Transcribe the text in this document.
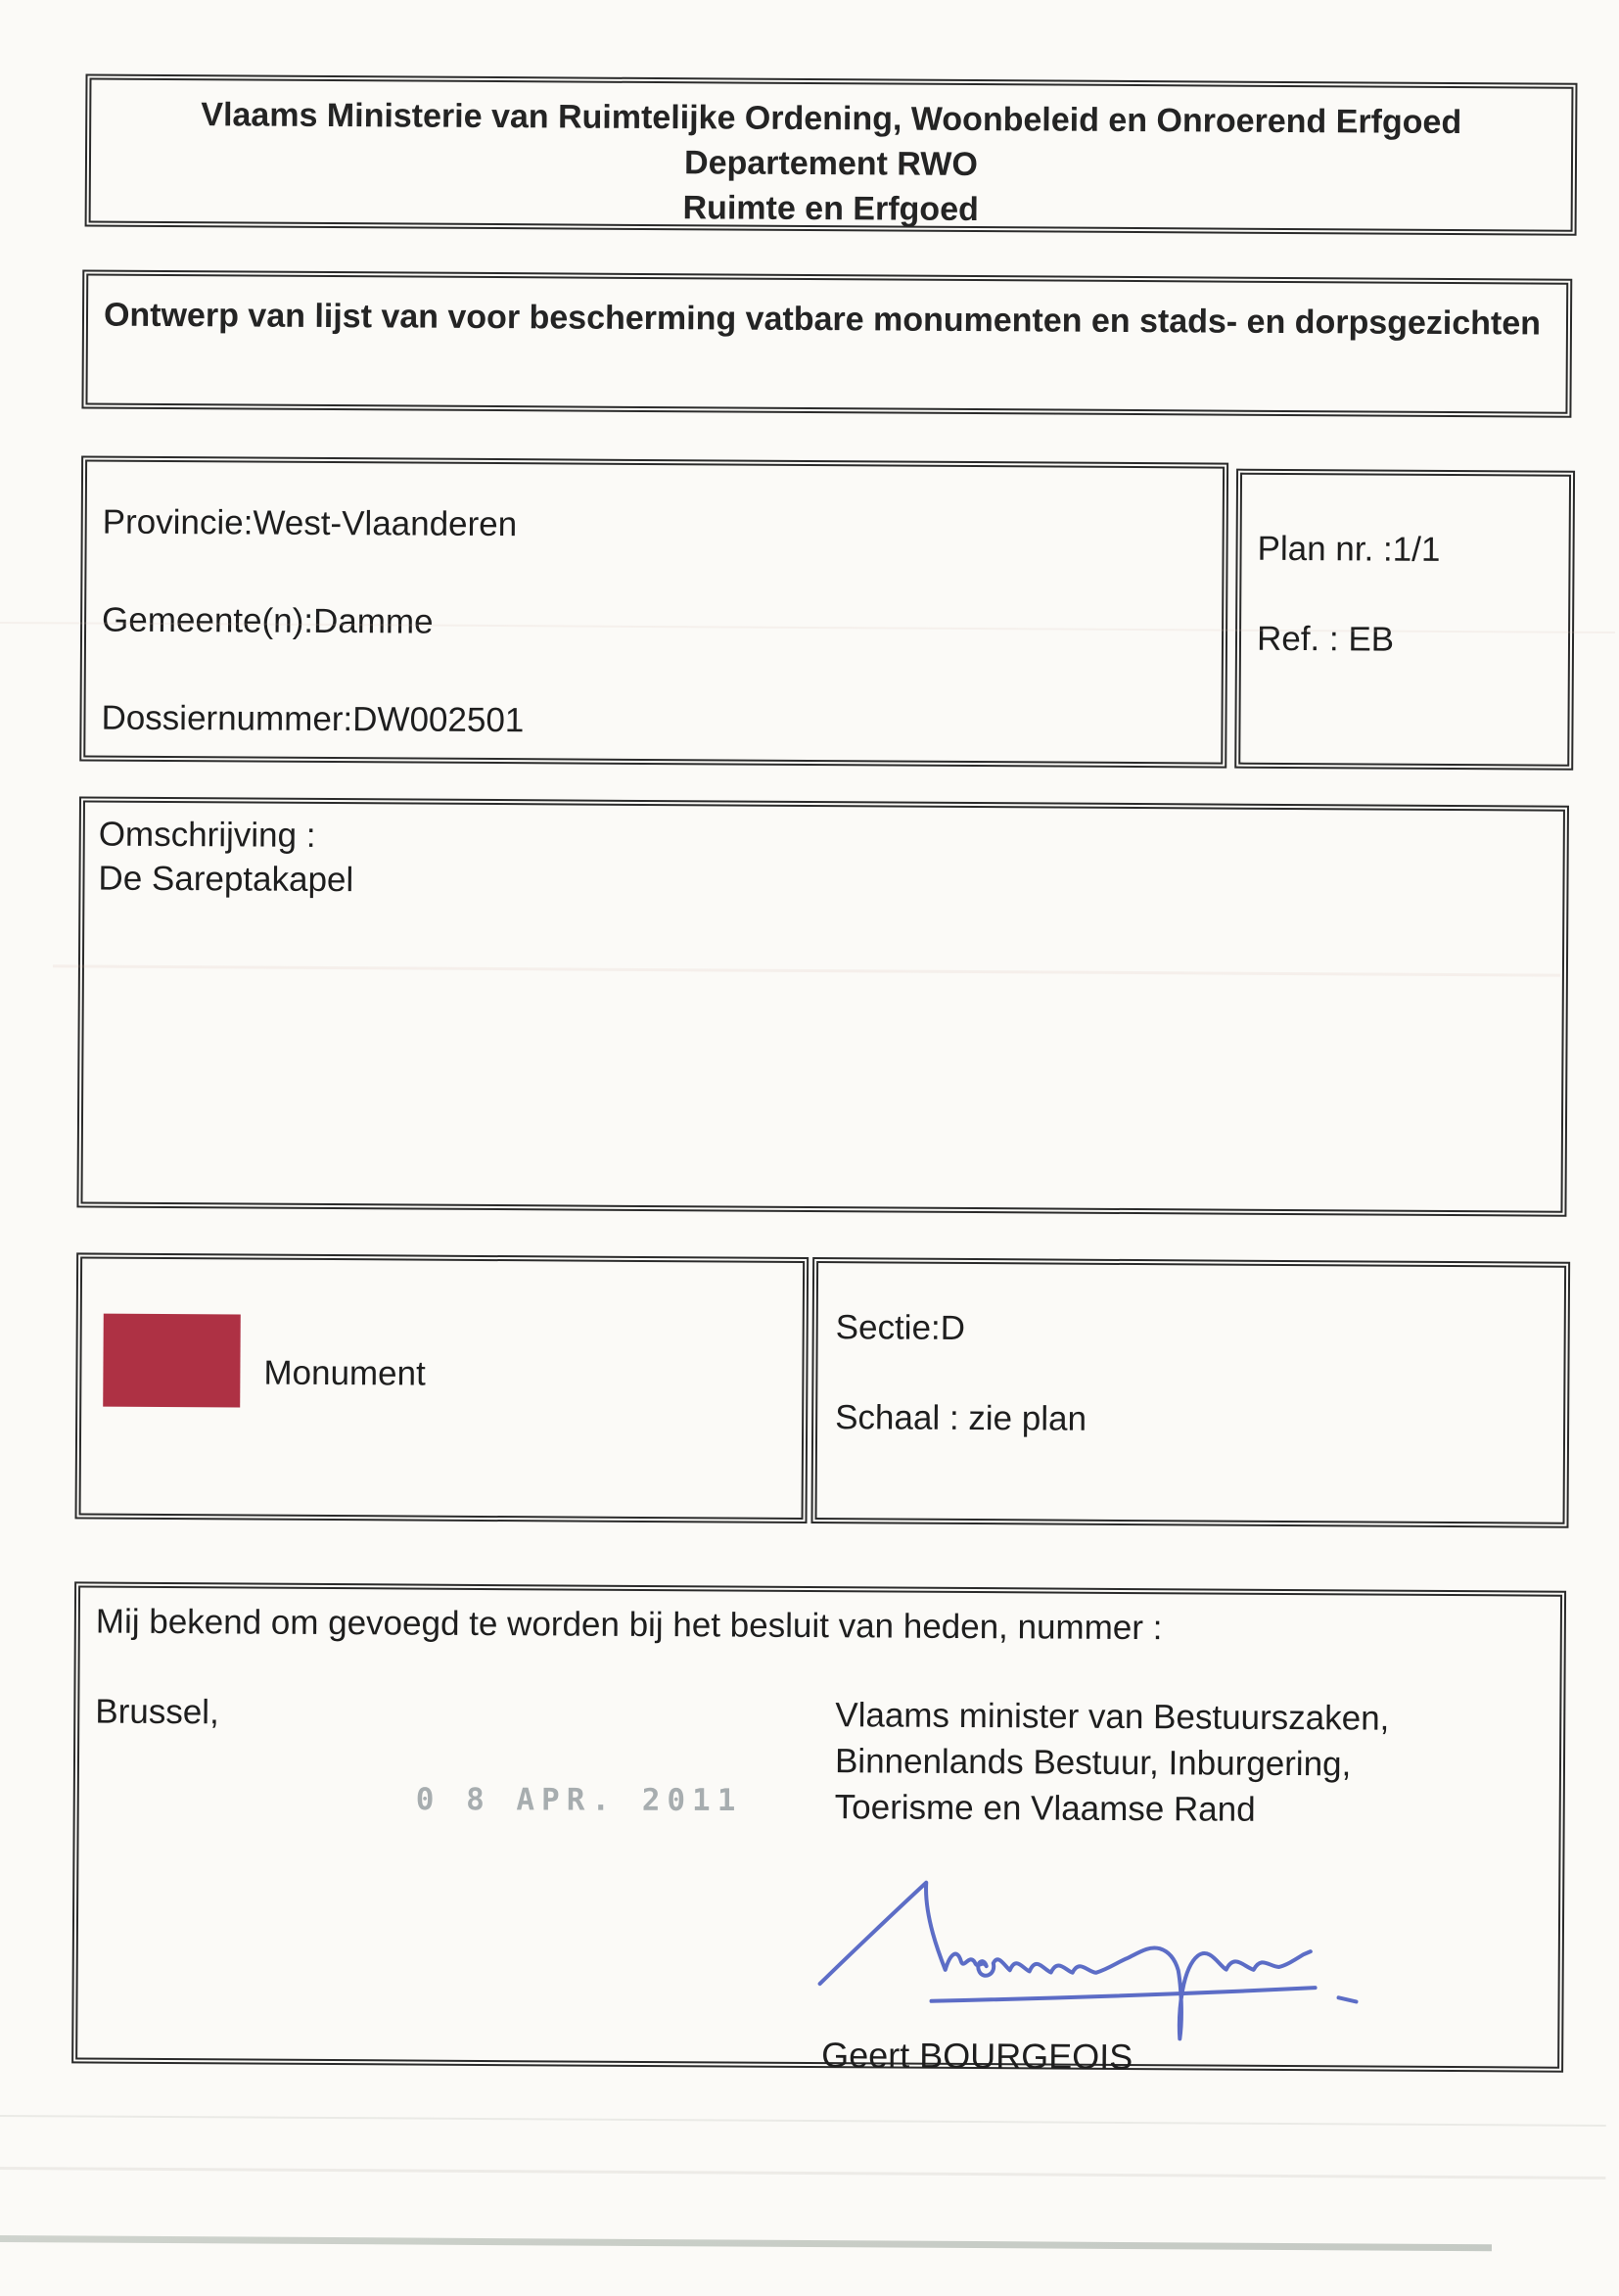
Vlaams Ministerie van Ruimtelijke Ordening, Woonbeleid en Onroerend Erfgoed
Departement RWO
Ruimte en Erfgoed
Ontwerp van lijst van voor bescherming vatbare monumenten en stads- en dorpsgezichten
Provincie:West-Vlaanderen
Gemeente(n):Damme
Dossiernummer:DW002501
Plan nr. :1/1
Ref. : EB
Omschrijving :
De Sareptakapel
Monument
Sectie:D
Schaal : zie plan
Mij bekend om gevoegd te worden bij het besluit van heden, nummer :
Brussel,
0 8 APR. 2011
Vlaams minister van Bestuurszaken,
Binnenlands Bestuur, Inburgering,
Toerisme en Vlaamse Rand
Geert BOURGEOIS
